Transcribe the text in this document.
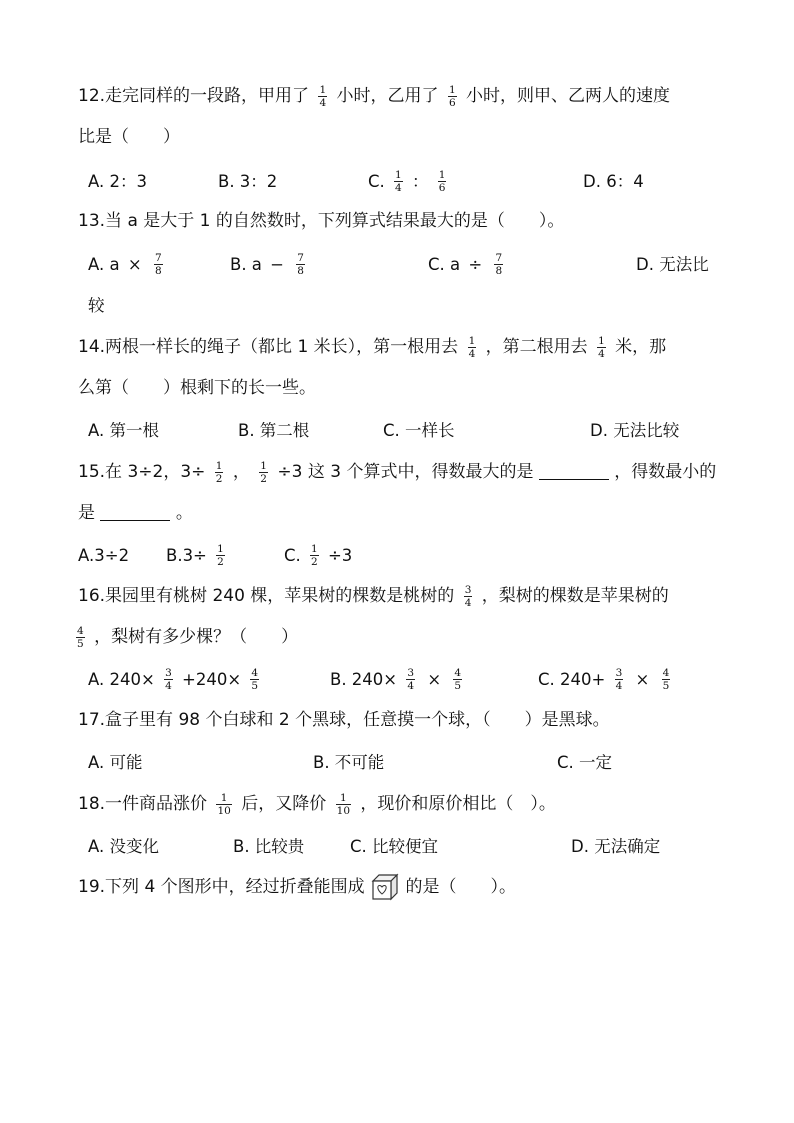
12.走完同样的一段路，甲用了 $\frac{1}{4}$ 小时，乙用了 $\frac{1}{6}$ 小时，则甲、乙两人的速度
比是（　　）
A. 2：3	B. 3：2	C. $\frac{1}{4}$ ： $\frac{1}{6}$	D. 6：4
13.当 a 是大于 1 的自然数时，下列算式结果最大的是（　　）。
A. $a \times \frac{7}{8}$	B. $a - \frac{7}{8}$	C. $a \div \frac{7}{8}$	D. 无法比
较
14.两根一样长的绳子（都比 1 米长），第一根用去 $\frac{1}{4}$ ，第二根用去 $\frac{1}{4}$ 米，那
么第（　　）根剩下的长一些。
A. 第一根	B. 第二根	C. 一样长	D. 无法比较
15.在 3÷2，$3\div \frac{1}{2}$ ， $\frac{1}{2} \div 3$ 这 3 个算式中，得数最大的是	，得数最小的
是	。
A.3÷2 $B.3\div \frac{1}{2}$	C. $\frac{1}{2} \div 3$
16.果园里有桃树 240 棵，苹果树的棵数是桃树的 $\frac{3}{4}$ ，梨树的棵数是苹果树的
$\frac{4}{5}$ ，梨树有多少棵？（　　）
A. $240\times \frac{3}{4} +240\times \frac{4}{5}$	B. $240\times \frac{3}{4} \times \frac{4}{5}$	C. $240+ \frac{3}{4} \times \frac{4}{5}$
17.盒子里有 98 个白球和 2 个黑球，任意摸一个球，（　　）是黑球。
A. 可能	B. 不可能	C. 一定
18.一件商品涨价 $\frac{1}{10}$ 后，又降价 $\frac{1}{10}$ ，现价和原价相比（　）。
A. 没变化	B. 比较贵	C. 比较便宜	D. 无法确定
19.下列 4 个图形中，经过折叠能围成 的是（　　）。
